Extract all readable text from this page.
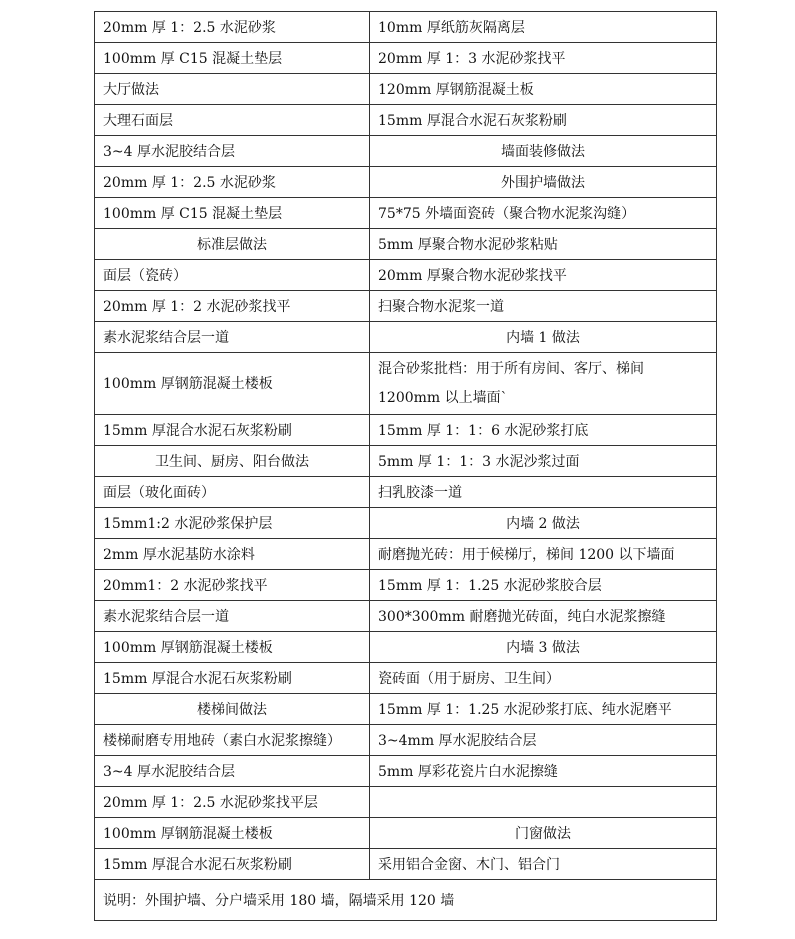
20mm 厚 1：2.5 水泥砂浆	10mm 厚纸筋灰隔离层
100mm 厚 C15 混凝土垫层	20mm 厚 1：3 水泥砂浆找平
大厅做法	120mm 厚钢筋混凝土板
大理石面层	15mm 厚混合水泥石灰浆粉刷
3~4 厚水泥胶结合层	墙面装修做法
20mm 厚 1：2.5 水泥砂浆	外围护墙做法
100mm 厚 C15 混凝土垫层	75*75 外墙面瓷砖（聚合物水泥浆沟缝）
标准层做法	5mm 厚聚合物水泥砂浆粘贴
面层（瓷砖）	20mm 厚聚合物水泥砂浆找平
20mm 厚 1：2 水泥砂浆找平	扫聚合物水泥浆一道
素水泥浆结合层一道	内墙 1 做法
100mm 厚钢筋混凝土楼板	混合砂浆批档：用于所有房间、客厅、梯间 1200mm 以上墙面`
15mm 厚混合水泥石灰浆粉刷	15mm 厚 1：1：6 水泥砂浆打底
卫生间、厨房、阳台做法	5mm 厚 1：1：3 水泥沙浆过面
面层（玻化面砖）	扫乳胶漆一道
15mm1:2 水泥砂浆保护层	内墙 2 做法
2mm 厚水泥基防水涂料	耐磨抛光砖：用于候梯厅，梯间 1200 以下墙面
20mm1：2 水泥砂浆找平	15mm 厚 1：1.25 水泥砂浆胶合层
素水泥浆结合层一道	300*300mm 耐磨抛光砖面，纯白水泥浆擦缝
100mm 厚钢筋混凝土楼板	内墙 3 做法
15mm 厚混合水泥石灰浆粉刷	瓷砖面（用于厨房、卫生间）
楼梯间做法	15mm 厚 1：1.25 水泥砂浆打底、纯水泥磨平
楼梯耐磨专用地砖（素白水泥浆擦缝）	3~4mm 厚水泥胶结合层
3~4 厚水泥胶结合层	5mm 厚彩花瓷片白水泥擦缝
20mm 厚 1：2.5 水泥砂浆找平层	
100mm 厚钢筋混凝土楼板	门窗做法
15mm 厚混合水泥石灰浆粉刷	采用铝合金窗、木门、铝合门
说明：外围护墙、分户墙采用 180 墙，隔墙采用 120 墙	
